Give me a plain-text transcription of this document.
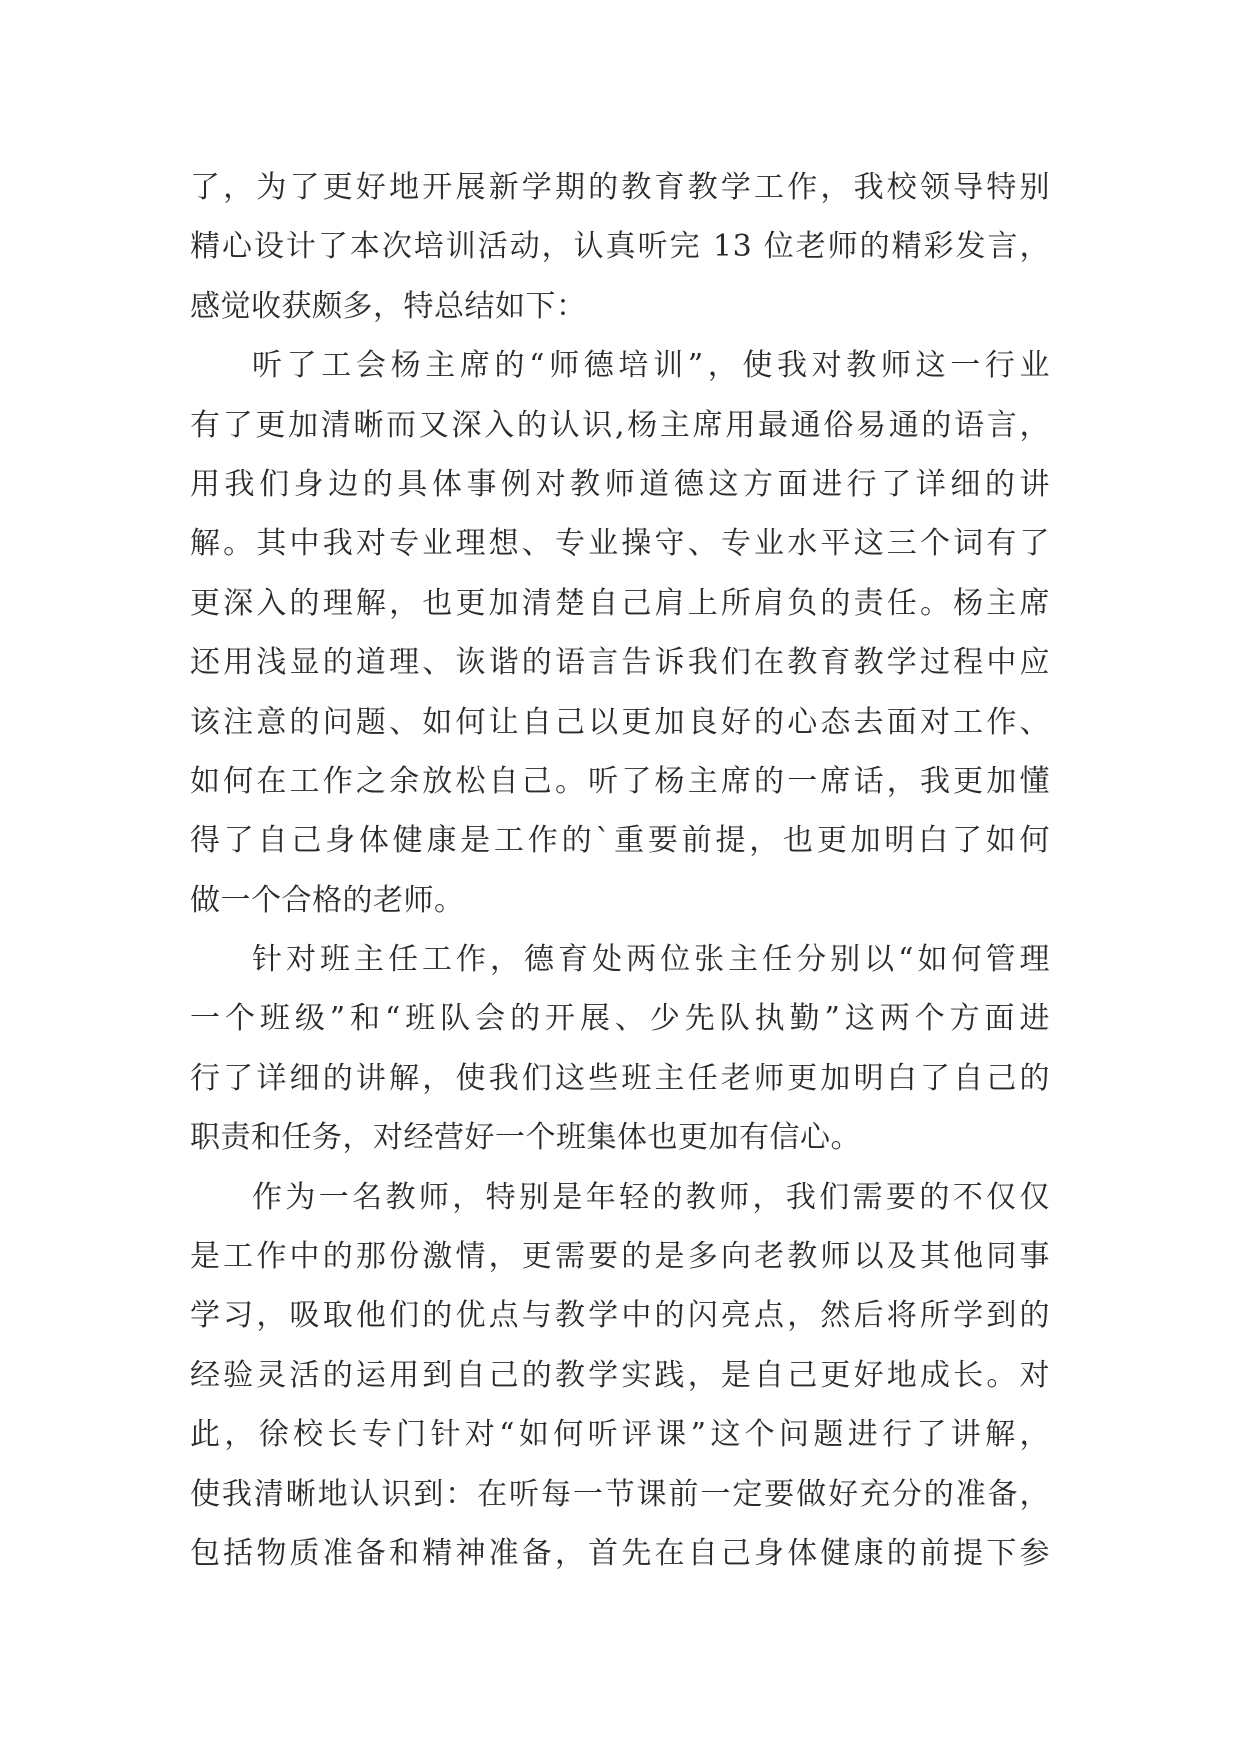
了，为了更好地开展新学期的教育教学工作，我校领导特别
精心设计了本次培训活动，认真听完 13 位老师的精彩发言，
感觉收获颇多，特总结如下：
听了工会杨主席的“师德培训”，使我对教师这一行业
有了更加清晰而又深入的认识,杨主席用最通俗易通的语言，
用我们身边的具体事例对教师道德这方面进行了详细的讲
解。其中我对专业理想、专业操守、专业水平这三个词有了
更深入的理解，也更加清楚自己肩上所肩负的责任。杨主席
还用浅显的道理、诙谐的语言告诉我们在教育教学过程中应
该注意的问题、如何让自己以更加良好的心态去面对工作、
如何在工作之余放松自己。听了杨主席的一席话，我更加懂
得了自己身体健康是工作的`重要前提，也更加明白了如何
做一个合格的老师。
针对班主任工作，德育处两位张主任分别以“如何管理
一个班级”和“班队会的开展、少先队执勤”这两个方面进
行了详细的讲解，使我们这些班主任老师更加明白了自己的
职责和任务，对经营好一个班集体也更加有信心。
作为一名教师，特别是年轻的教师，我们需要的不仅仅
是工作中的那份激情，更需要的是多向老教师以及其他同事
学习，吸取他们的优点与教学中的闪亮点，然后将所学到的
经验灵活的运用到自己的教学实践，是自己更好地成长。对
此，徐校长专门针对“如何听评课”这个问题进行了讲解，
使我清晰地认识到：在听每一节课前一定要做好充分的准备，
包括物质准备和精神准备，首先在自己身体健康的前提下参
